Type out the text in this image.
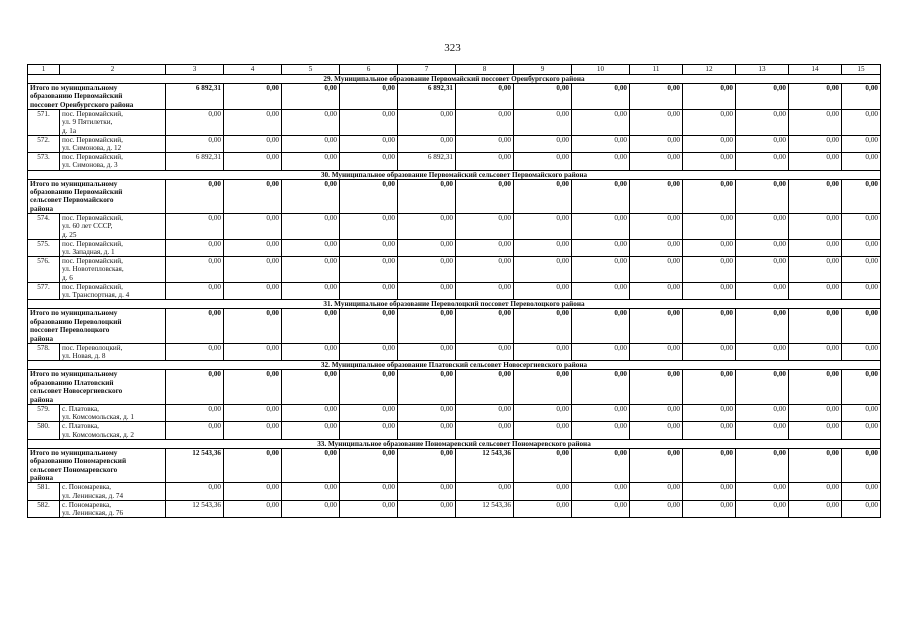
323
1	2	3	4	5	6	7	8	9	10	11	12	13	14	15
29. Муниципальное образование Первомайский поссовет Оренбургского района														
Итого по муниципальному
образованию Первомайский
поссовет Оренбургского района		6 892,31	0,00	0,00	0,00	6 892,31	0,00	0,00	0,00	0,00	0,00	0,00	0,00	0,00
571.	пос. Первомайский,
ул. 9 Пятилетки,
д. 1а	0,00	0,00	0,00	0,00	0,00	0,00	0,00	0,00	0,00	0,00	0,00	0,00	0,00
572.	пос. Первомайский,
ул. Симонова, д. 12	0,00	0,00	0,00	0,00	0,00	0,00	0,00	0,00	0,00	0,00	0,00	0,00	0,00
573.	пос. Первомайский,
ул. Симонова, д. 3	6 892,31	0,00	0,00	0,00	6 892,31	0,00	0,00	0,00	0,00	0,00	0,00	0,00	0,00
30. Муниципальное образование Первомайский сельсовет Первомайского района														
Итого по муниципальному
образованию Первомайский
сельсовет Первомайского
района		0,00	0,00	0,00	0,00	0,00	0,00	0,00	0,00	0,00	0,00	0,00	0,00	0,00
574.	пос. Первомайский,
ул. 60 лет СССР,
д. 25	0,00	0,00	0,00	0,00	0,00	0,00	0,00	0,00	0,00	0,00	0,00	0,00	0,00
575.	пос. Первомайский,
ул. Западная, д. 1	0,00	0,00	0,00	0,00	0,00	0,00	0,00	0,00	0,00	0,00	0,00	0,00	0,00
576.	пос. Первомайский,
ул. Новотепловская,
д. 6	0,00	0,00	0,00	0,00	0,00	0,00	0,00	0,00	0,00	0,00	0,00	0,00	0,00
577.	пос. Первомайский,
ул. Транспортная, д. 4	0,00	0,00	0,00	0,00	0,00	0,00	0,00	0,00	0,00	0,00	0,00	0,00	0,00
31. Муниципальное образование Переволоцкий поссовет Переволоцкого района														
Итого по муниципальному
образованию Переволоцкий
поссовет Переволоцкого
района		0,00	0,00	0,00	0,00	0,00	0,00	0,00	0,00	0,00	0,00	0,00	0,00	0,00
578.	пос. Переволоцкий,
ул. Новая, д. 8	0,00	0,00	0,00	0,00	0,00	0,00	0,00	0,00	0,00	0,00	0,00	0,00	0,00
32. Муниципальное образование Платовский сельсовет Новосергиевского района														
Итого по муниципальному
образованию Платовский
сельсовет Новосергиевского
района		0,00	0,00	0,00	0,00	0,00	0,00	0,00	0,00	0,00	0,00	0,00	0,00	0,00
579.	с. Платовка,
ул. Комсомольская, д. 1	0,00	0,00	0,00	0,00	0,00	0,00	0,00	0,00	0,00	0,00	0,00	0,00	0,00
580.	с. Платовка,
ул. Комсомольская, д. 2	0,00	0,00	0,00	0,00	0,00	0,00	0,00	0,00	0,00	0,00	0,00	0,00	0,00
33. Муниципальное образование Пономаревский сельсовет Пономаревского района														
Итого по муниципальному
образованию Пономаревский
сельсовет Пономаревского
района		12 543,36	0,00	0,00	0,00	0,00	12 543,36	0,00	0,00	0,00	0,00	0,00	0,00	0,00
581.	с. Пономаревка,
ул. Ленинская, д. 74	0,00	0,00	0,00	0,00	0,00	0,00	0,00	0,00	0,00	0,00	0,00	0,00	0,00
582.	с. Пономаревка,
ул. Ленинская, д. 76	12 543,36	0,00	0,00	0,00	0,00	12 543,36	0,00	0,00	0,00	0,00	0,00	0,00	0,00
